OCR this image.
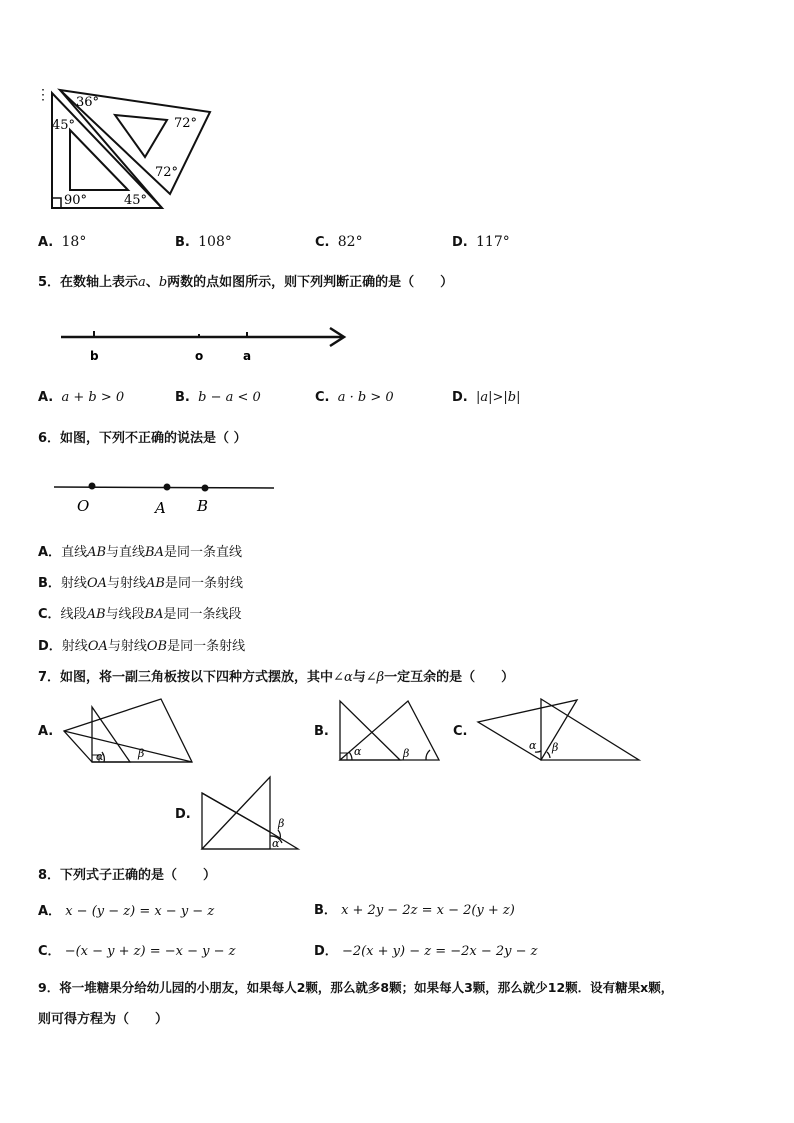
⋮ 36°
72°
45°
72°
90°	45°
A. 18°	B. 108°	C. 82°	D. 117°
5．在数轴上表示a、b两数的点如图所示，则下列判断正确的是（　　）
b	o	a
A. a + b > 0	B. b − a < 0	C. a · b > 0	D. |a|>|b|
6．如图，下列不正确的说法是（ ）
O	A B
A．直线AB与直线BA是同一条直线
B．射线OA与射线AB是同一条射线
C．线段AB与线段BA是同一条线段
D．射线OA与射线OB是同一条射线
7．如图，将一副三角板按以下四种方式摆放，其中∠α与∠β一定互余的是（　　）
A.
α	β
B.
α	β
C.
α β
D.
α
β
8．下列式子正确的是（　　）
A． x − (y − z) = x − y − z	B． x + 2y − 2z = x − 2(y + z)
C． −(x − y + z) = −x − y − z	D． −2(x + y) − z = −2x − 2y − z
9．将一堆糖果分给幼儿园的小朋友，如果每人2颗，那么就多8颗；如果每人3颗，那么就少12颗．设有糖果x颗，
则可得方程为（　　）
